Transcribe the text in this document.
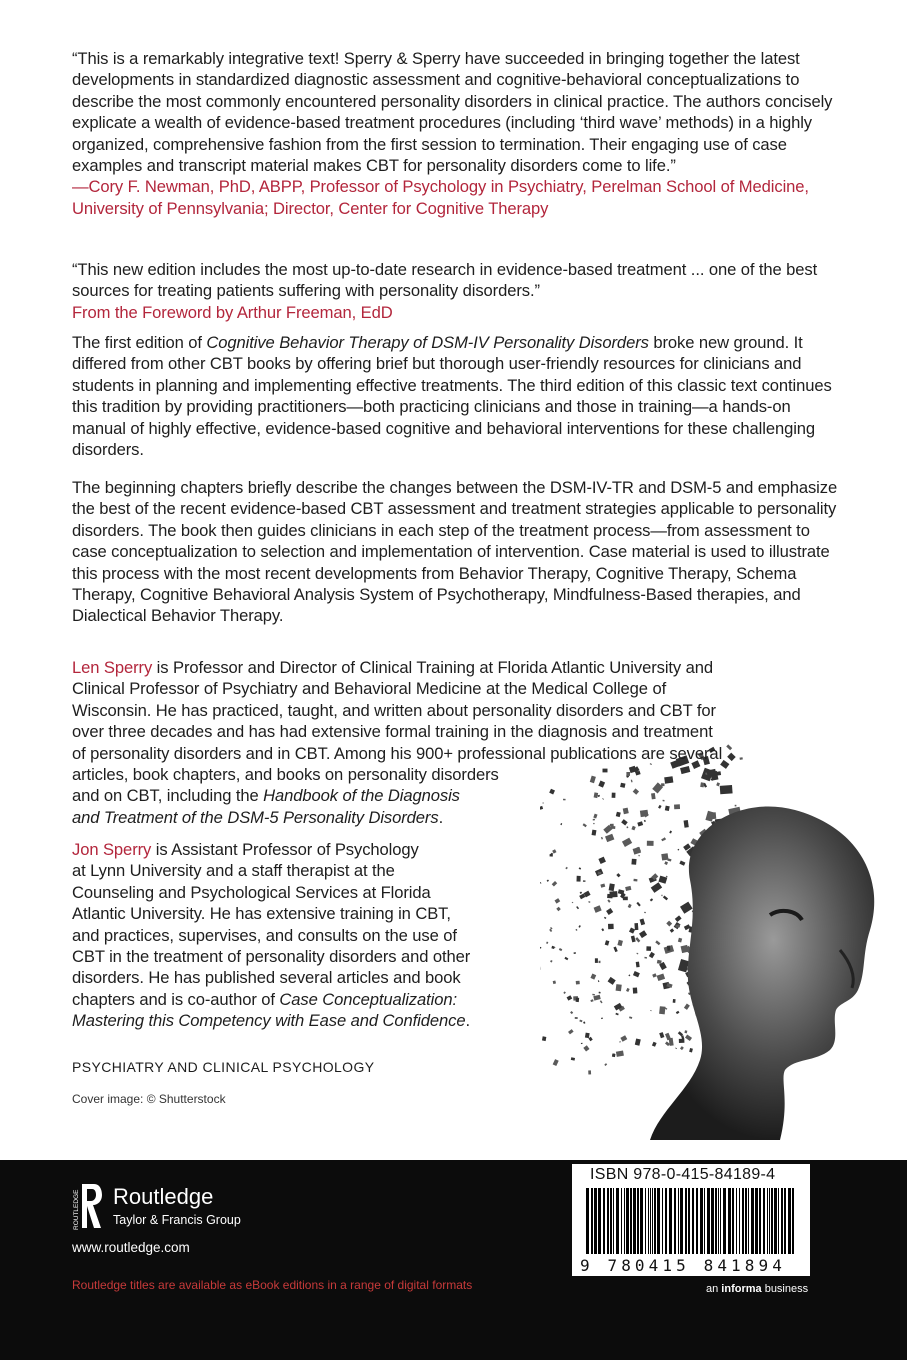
“This is a remarkably integrative text! Sperry & Sperry have succeeded in bringing together the latest developments in standardized diagnostic assessment and cognitive-behavioral conceptualizations to describe the most commonly encountered personality disorders in clinical practice. The authors concisely explicate a wealth of evidence-based treatment procedures (including ‘third wave’ methods) in a highly organized, comprehensive fashion from the first session to termination. Their engaging use of case examples and transcript material makes CBT for personality disorders come to life.”

—Cory F. Newman, PhD, ABPP, Professor of Psychology in Psychiatry, Perelman School of Medicine, University of Pennsylvania; Director, Center for Cognitive Therapy

“This new edition includes the most up-to-date research in evidence-based treatment ... one of the best sources for treating patients suffering with personality disorders.”

From the Foreword by Arthur Freeman, EdD

The first edition of Cognitive Behavior Therapy of DSM-IV Personality Disorders broke new ground. It differed from other CBT books by offering brief but thorough user-friendly resources for clinicians and students in planning and implementing effective treatments. The third edition of this classic text continues this tradition by providing practitioners—both practicing clinicians and those in training—a hands-on manual of highly effective, evidence-based cognitive and behavioral interventions for these challenging disorders.

The beginning chapters briefly describe the changes between the DSM-IV-TR and DSM-5 and emphasize the best of the recent evidence-based CBT assessment and treatment strategies applicable to personality disorders. The book then guides clinicians in each step of the treatment process—from assessment to case conceptualization to selection and implementation of intervention. Case material is used to illustrate this process with the most recent developments from Behavior Therapy, Cognitive Therapy, Schema Therapy, Cognitive Behavioral Analysis System of Psychotherapy, Mindfulness-Based therapies, and Dialectical Behavior Therapy.

Len Sperry is Professor and Director of Clinical Training at Florida Atlantic University and
Clinical Professor of Psychiatry and Behavioral Medicine at the Medical College of
Wisconsin. He has practiced, taught, and written about personality disorders and CBT for
over three decades and has had extensive formal training in the diagnosis and treatment
of personality disorders and in CBT. Among his 900+ professional publications are several
articles, book chapters, and books on personality disorders
and on CBT, including the Handbook of the Diagnosis
and Treatment of the DSM-5 Personality Disorders.
Jon Sperry is Assistant Professor of Psychology
at Lynn University and a staff therapist at the
Counseling and Psychological Services at Florida
Atlantic University. He has extensive training in CBT,
and practices, supervises, and consults on the use of
CBT in the treatment of personality disorders and other
disorders. He has published several articles and book
chapters and is co-author of Case Conceptualization:
Mastering this Competency with Ease and Confidence.
PSYCHIATRY AND CLINICAL PSYCHOLOGY
Cover image: © Shutterstock
ROUTLEDGE Routledge
Taylor & Francis Group
www.routledge.com
Routledge titles are available as eBook editions in a range of digital formats
ISBN 978-0-415-84189-4
9 780415 841894
an informa business
